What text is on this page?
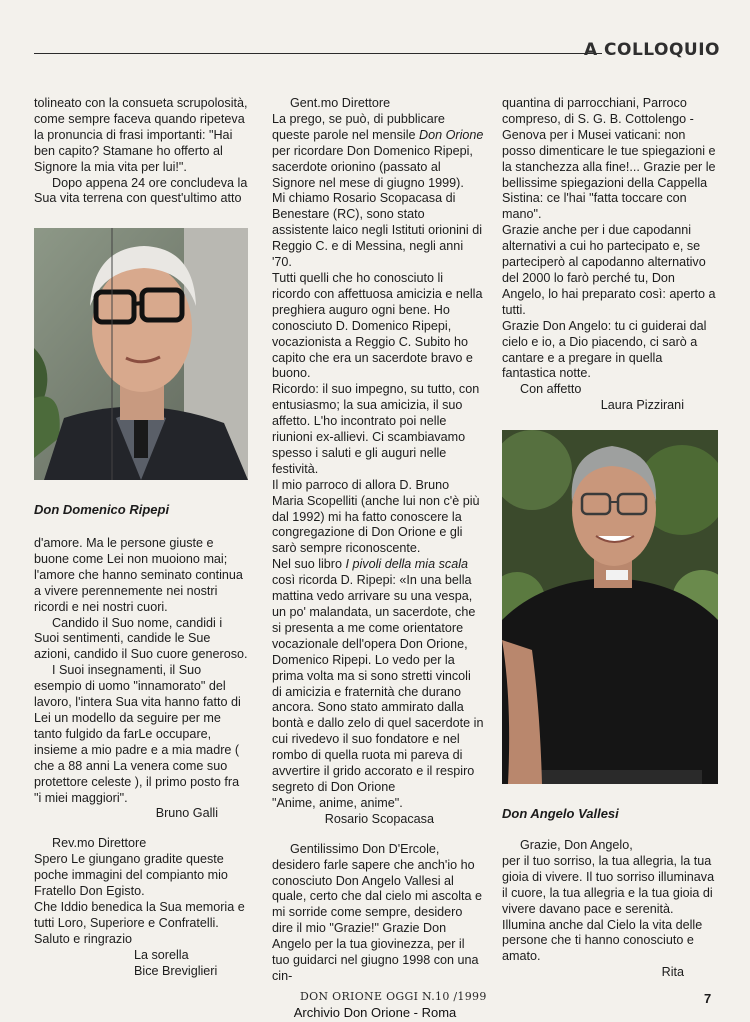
A COLLOQUIO

tolineato con la consueta scrupolosità, come sempre faceva quando ripeteva la pronuncia di frasi importanti: "Hai ben capito? Stamane ho offerto al Signore la mia vita per lui!".

Dopo appena 24 ore concludeva la Sua vita terrena con quest'ultimo atto

Don Domenico Ripepi

d'amore. Ma le persone giuste e buone come Lei non muoiono mai; l'amore che hanno seminato continua a vivere perennemente nei nostri ricordi e nei nostri cuori.

Candido il Suo nome, candidi i Suoi sentimenti, candide le Sue azioni, candido il Suo cuore generoso.

I Suoi insegnamenti, il Suo esempio di uomo "innamorato" del lavoro, l'intera Sua vita hanno fatto di Lei un modello da seguire per me tanto fulgido da farLe occupare, insieme a mio padre e a mia madre ( che a 88 anni La venera come suo protettore celeste ), il primo posto fra "i miei maggiori".

Bruno Galli

Rev.mo Direttore

Spero Le giungano gradite queste poche immagini del compianto mio Fratello Don Egisto.

Che Iddio benedica la Sua memoria e tutti Loro, Superiore e Confratelli.

Saluto e ringrazio

La sorella

Bice Breviglieri

Gent.mo Direttore

La prego, se può, di pubblicare queste parole nel mensile Don Orione per ricordare Don Domenico Ripepi, sacerdote orionino (passato al Signore nel mese di giugno 1999).

Mi chiamo Rosario Scopacasa di Benestare (RC), sono stato assistente laico negli Istituti orionini di Reggio C. e di Messina, negli anni '70.

Tutti quelli che ho conosciuto li ricordo con affettuosa amicizia e nella preghiera auguro ogni bene. Ho conosciuto D. Domenico Ripepi, vocazionista a Reggio C. Subito ho capito che era un sacerdote bravo e buono.

Ricordo: il suo impegno, su tutto, con entusiasmo; la sua amicizia, il suo affetto. L'ho incontrato poi nelle riunioni ex-allievi. Ci scambiavamo spesso i saluti e gli auguri nelle festività.

Il mio parroco di allora D. Bruno Maria Scopelliti (anche lui non c'è più dal 1992) mi ha fatto conoscere la congregazione di Don Orione e gli sarò sempre riconoscente.

Nel suo libro I pivoli della mia scala così ricorda D. Ripepi: «In una bella mattina vedo arrivare su una vespa, un po' malandata, un sacerdote, che si presenta a me come orientatore vocazionale dell'opera Don Orione, Domenico Ripepi. Lo vedo per la prima volta ma si sono stretti vincoli di amicizia e fraternità che durano ancora. Sono stato ammirato dalla bontà e dallo zelo di quel sacerdote in cui rivedevo il suo fondatore e nel rombo di quella ruota mi pareva di avvertire il grido accorato e il respiro segreto di Don Orione

"Anime, anime, anime".

Rosario Scopacasa

Gentilissimo Don D'Ercole,

desidero farle sapere che anch'io ho conosciuto Don Angelo Vallesi al quale, certo che dal cielo mi ascolta e mi sorride come sempre, desidero dire il mio "Grazie!" Grazie Don Angelo per la tua giovinezza, per il tuo guidarci nel giugno 1998 con una cin-

quantina di parrocchiani, Parroco compreso, di S. G. B. Cottolengo - Genova per i Musei vaticani: non posso dimenticare le tue spiegazioni e la stanchezza alla fine!... Grazie per le bellissime spiegazioni della Cappella Sistina: ce l'hai "fatta toccare con mano".

Grazie anche per i due capodanni alternativi a cui ho partecipato e, se parteciperò al capodanno alternativo del 2000 lo farò perché tu, Don Angelo, lo hai preparato così: aperto a tutti.

Grazie Don Angelo: tu ci guiderai dal cielo e io, a Dio piacendo, ci sarò a cantare e a pregare in quella fantastica notte.

Con affetto

Laura Pizzirani

Don Angelo Vallesi

Grazie, Don Angelo,

per il tuo sorriso, la tua allegria, la tua gioia di vivere. Il tuo sorriso illuminava il cuore, la tua allegria e la tua gioia di vivere davano pace e serenità.

Illumina anche dal Cielo la vita delle persone che ti hanno conosciuto e amato.

Rita

DON ORIONE OGGI N.10 /1999	7
Archivio Don Orione - Roma
